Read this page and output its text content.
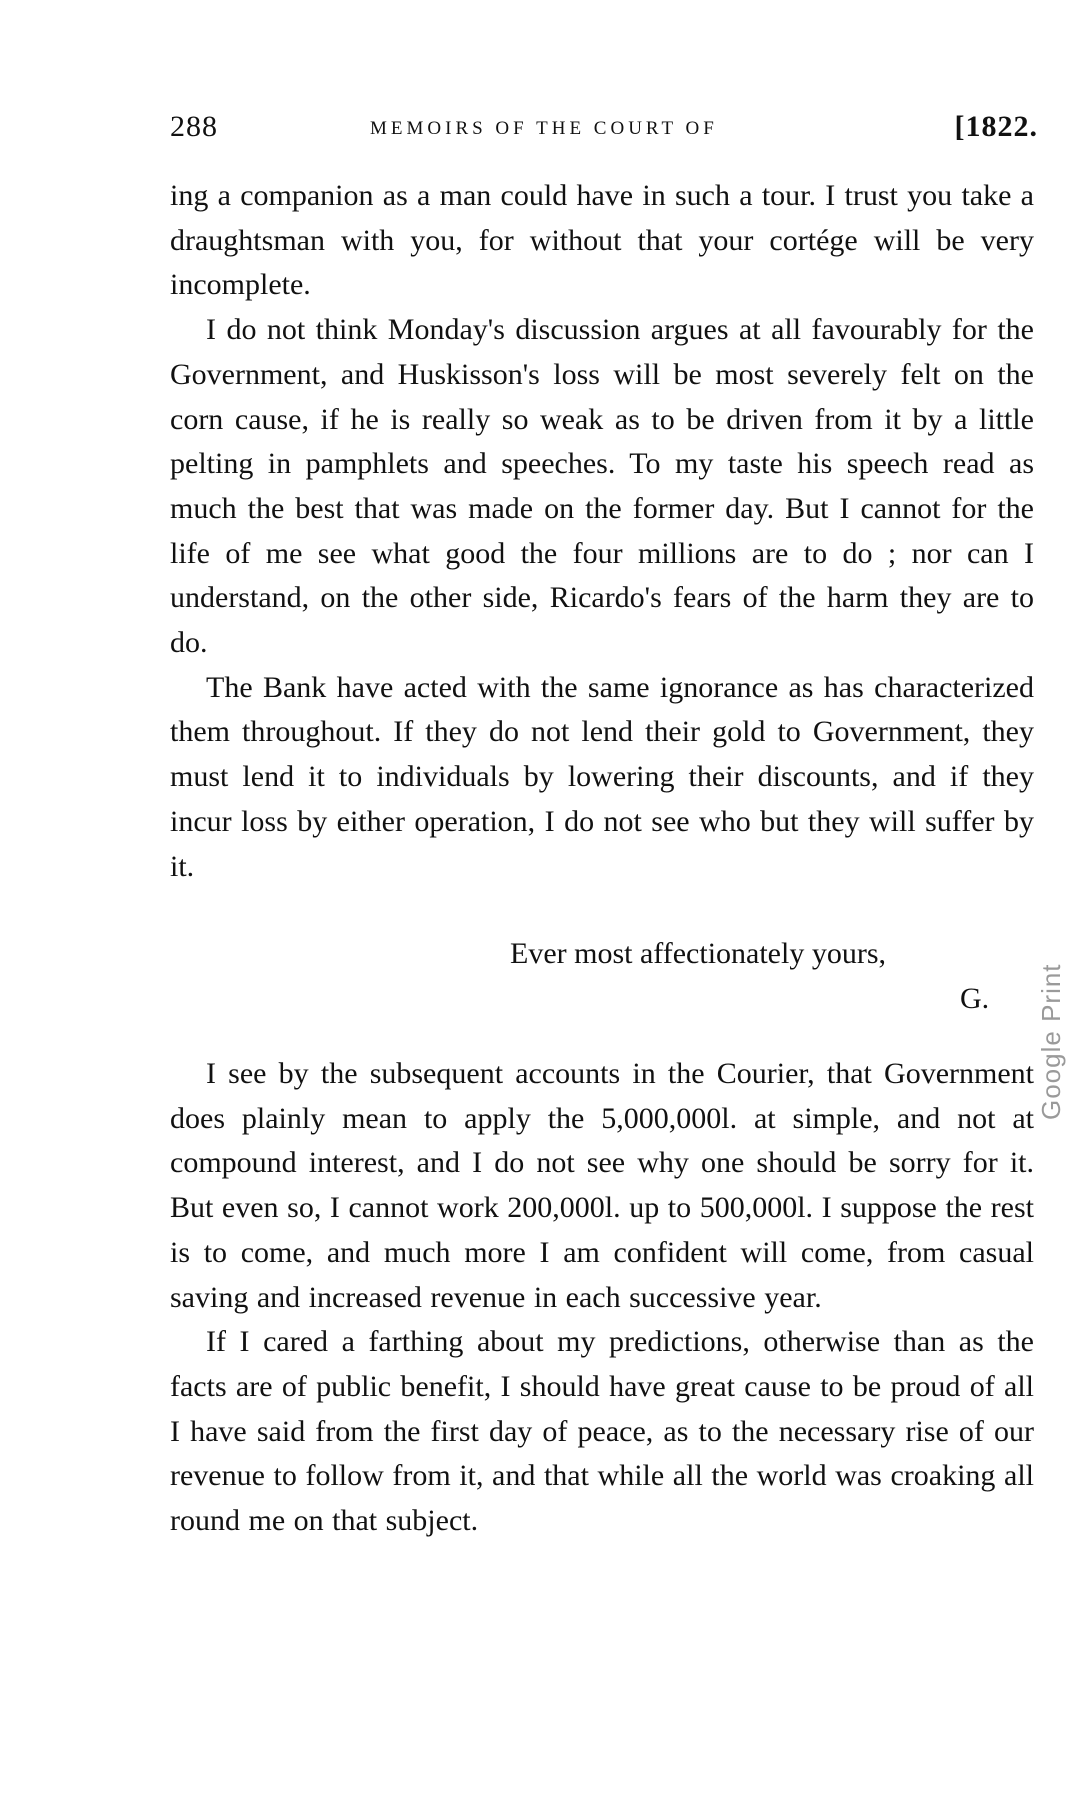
288	MEMOIRS OF THE COURT OF	[1822.

ing a companion as a man could have in such a tour. I trust you take a draughtsman with you, for without that your cortége will be very incomplete.

I do not think Monday's discussion argues at all favourably for the Government, and Huskisson's loss will be most severely felt on the corn cause, if he is really so weak as to be driven from it by a little pelting in pamphlets and speeches. To my taste his speech read as much the best that was made on the former day. But I cannot for the life of me see what good the four millions are to do ; nor can I understand, on the other side, Ricardo's fears of the harm they are to do.

The Bank have acted with the same ignorance as has characterized them throughout. If they do not lend their gold to Government, they must lend it to individuals by lowering their discounts, and if they incur loss by either operation, I do not see who but they will suffer by it.

Ever most affectionately yours,
G.

I see by the subsequent accounts in the Courier, that Government does plainly mean to apply the 5,000,000l. at simple, and not at compound interest, and I do not see why one should be sorry for it. But even so, I cannot work 200,000l. up to 500,000l. I suppose the rest is to come, and much more I am confident will come, from casual saving and increased revenue in each successive year.

If I cared a farthing about my predictions, otherwise than as the facts are of public benefit, I should have great cause to be proud of all I have said from the first day of peace, as to the necessary rise of our revenue to follow from it, and that while all the world was croaking all round me on that subject.

Google Print
